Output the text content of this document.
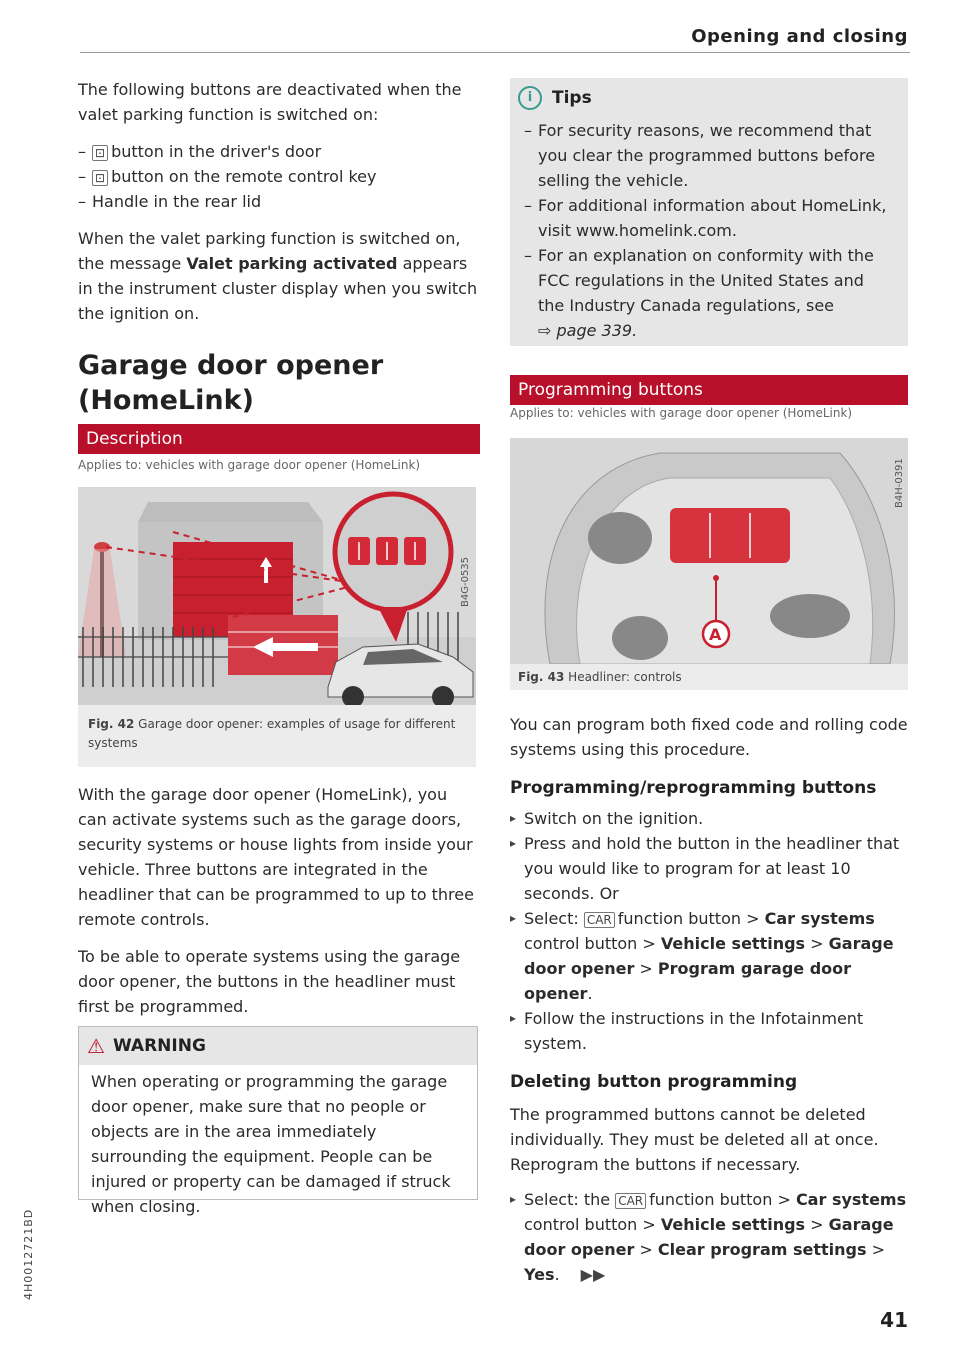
Opening and closing

The following buttons are deactivated when the valet parking function is switched on:

– ⊡ button in the driver's door
– ⊡ button on the remote control key
– Handle in the rear lid

When the valet parking function is switched on, the message Valet parking activated appears in the instrument cluster display when you switch the ignition on.

Garage door opener (HomeLink)
Description
Applies to: vehicles with garage door opener (HomeLink)
B4G-0535
Fig. 42 Garage door opener: examples of usage for different systems

With the garage door opener (HomeLink), you can activate systems such as the garage doors, security systems or house lights from inside your vehicle. Three buttons are integrated in the headliner that can be programmed to up to three remote controls.

To be able to operate systems using the garage door opener, the buttons in the headliner must first be programmed.

⚠ WARNING

When operating or programming the garage door opener, make sure that no people or objects are in the area immediately surrounding the equipment. People can be injured or property can be damaged if struck when closing.

i	Tips
– For security reasons, we recommend that you clear the programmed buttons before selling the vehicle.
– For additional information about HomeLink, visit www.homelink.com.
– For an explanation on conformity with the FCC regulations in the United States and the Industry Canada regulations, see
⇨ page 339.
Programming buttons
Applies to: vehicles with garage door opener (HomeLink)
A
B4H-0391
Fig. 43 Headliner: controls

You can program both fixed code and rolling code systems using this procedure.

Programming/reprogramming buttons
▸ Switch on the ignition.
▸ Press and hold the button in the headliner that you would like to program for at least 10 seconds. Or
▸ Select: CAR function button > Car systems control button > Vehicle settings > Garage door opener > Program garage door opener.
▸ Follow the instructions in the Infotainment system.
Deleting button programming

The programmed buttons cannot be deleted individually. They must be deleted all at once. Reprogram the buttons if necessary.

▸ Select: the CAR function button > Car systems control button > Vehicle settings > Garage door opener > Clear program settings > Yes. ▶▶
41
4H0012721BD
